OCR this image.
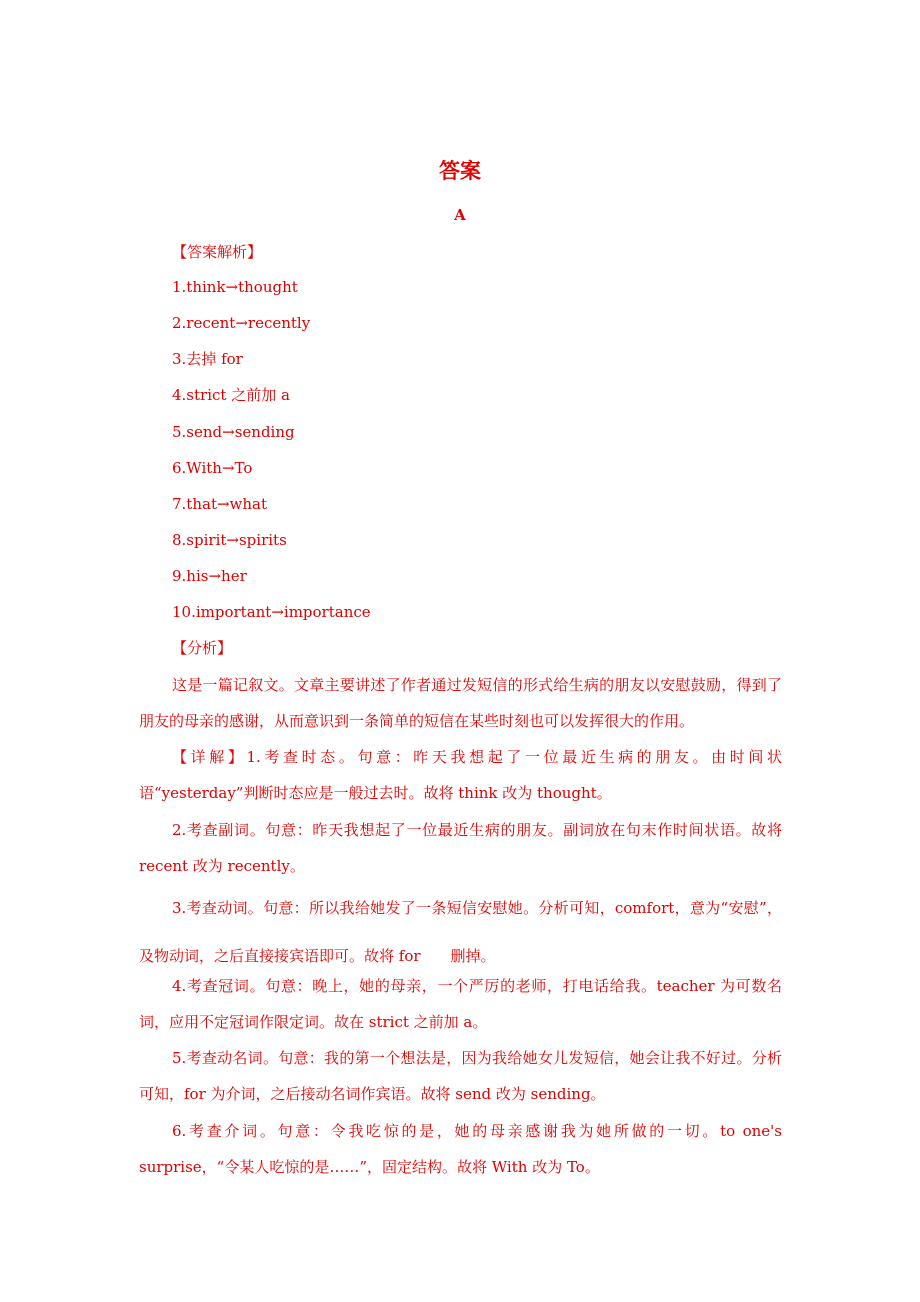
答案
A
【答案解析】
1.think→thought
2.recent→recently
3.去掉 for
4.strict 之前加 a
5.send→sending
6.With→To
7.that→what
8.spirit→spirits
9.his→her
10.important→importance
【分析】
这是一篇记叙文。文章主要讲述了作者通过发短信的形式给生病的朋友以安慰鼓励，得到了朋友的母亲的感谢，从而意识到一条简单的短信在某些时刻也可以发挥很大的作用。
【详解】1.考查时态。句意：昨天我想起了一位最近生病的朋友。由时间状语“yesterday”判断时态应是一般过去时。故将 think 改为 thought。
2.考查副词。句意：昨天我想起了一位最近生病的朋友。副词放在句末作时间状语。故将 recent 改为 recently。
3.考查动词。句意：所以我给她发了一条短信安慰她。分析可知，comfort，意为“安慰”，及物动词，之后直接接宾语即可。故将 for　　删掉。
4.考查冠词。句意：晚上，她的母亲，一个严厉的老师，打电话给我。teacher 为可数名词，应用不定冠词作限定词。故在 strict 之前加 a。
5.考查动名词。句意：我的第一个想法是，因为我给她女儿发短信，她会让我不好过。分析可知，for 为介词，之后接动名词作宾语。故将 send 改为 sending。
6.考查介词。句意：令我吃惊的是，她的母亲感谢我为她所做的一切。to one's surprise，“令某人吃惊的是……”，固定结构。故将 With 改为 To。
